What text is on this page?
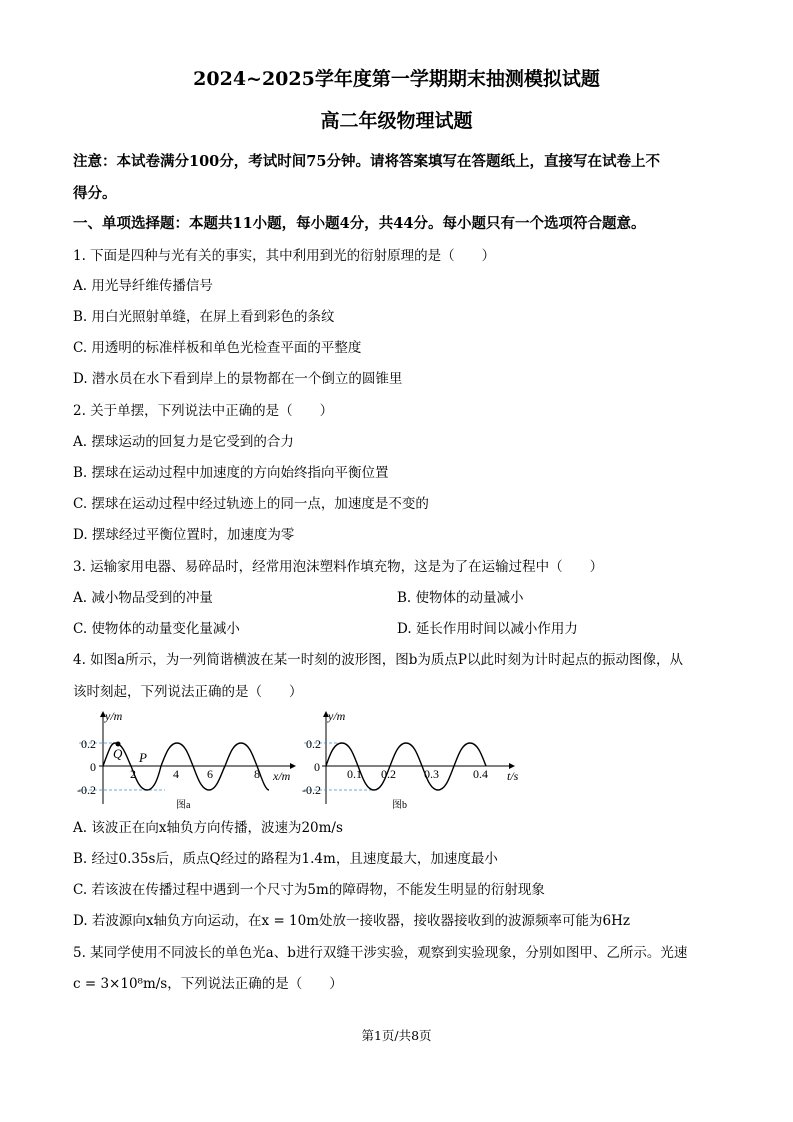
2024~2025学年度第一学期期末抽测模拟试题
高二年级物理试题
注意：本试卷满分100分，考试时间75分钟。请将答案填写在答题纸上，直接写在试卷上不
得分。
一、单项选择题：本题共11小题，每小题4分，共44分。每小题只有一个选项符合题意。
1. 下面是四种与光有关的事实，其中利用到光的衍射原理的是（　　）
A. 用光导纤维传播信号
B. 用白光照射单缝，在屏上看到彩色的条纹
C. 用透明的标准样板和单色光检查平面的平整度
D. 潜水员在水下看到岸上的景物都在一个倒立的圆锥里
2. 关于单摆，下列说法中正确的是（　　）
A. 摆球运动的回复力是它受到的合力
B. 摆球在运动过程中加速度的方向始终指向平衡位置
C. 摆球在运动过程中经过轨迹上的同一点，加速度是不变的
D. 摆球经过平衡位置时，加速度为零
3. 运输家用电器、易碎品时，经常用泡沫塑料作填充物，这是为了在运输过程中（　　）
A. 减小物品受到的冲量	B. 使物体的动量减小
C. 使物体的动量变化量减小	D. 延长作用时间以减小作用力
4. 如图a所示，为一列简谐横波在某一时刻的波形图，图b为质点P以此时刻为计时起点的振动图像，从
该时刻起，下列说法正确的是（　　）
y/m
0.2
0
-0.2
2	4 6	8
Q P
x/m
图a
y/m
0.2
0
-0.2
0.1 0.2 0.3	0.4 t/s
图b
A. 该波正在向x轴负方向传播，波速为20m/s
B. 经过0.35s后，质点Q经过的路程为1.4m，且速度最大，加速度最小
C. 若该波在传播过程中遇到一个尺寸为5m的障碍物，不能发生明显的衍射现象
D. 若波源向x轴负方向运动，在x = 10m处放一接收器，接收器接收到的波源频率可能为6Hz
5. 某同学使用不同波长的单色光a、b进行双缝干涉实验，观察到实验现象，分别如图甲、乙所示。光速
c = 3×10⁸m/s，下列说法正确的是（　　）
第1页/共8页
